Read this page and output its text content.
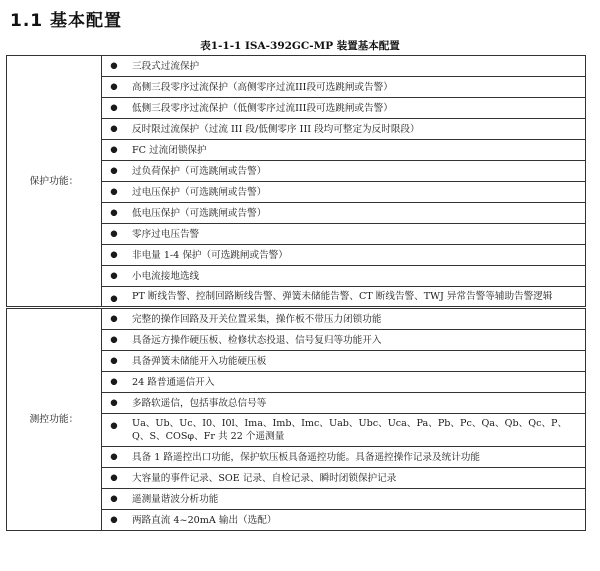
1.1 基本配置
表1-1-1 ISA-392GC-MP 装置基本配置
保护功能：	●	三段式过流保护
	●	高侧三段零序过流保护（高侧零序过流III段可选跳闸或告警）
	●	低侧三段零序过流保护（低侧零序过流III段可选跳闸或告警）
	●	反时限过流保护（过流 III 段/低侧零序 III 段均可整定为反时限段）
	●	FC 过流闭锁保护
	●	过负荷保护（可选跳闸或告警）
	●	过电压保护（可选跳闸或告警）
	●	低电压保护（可选跳闸或告警）
	●	零序过电压告警
	●	非电量 1-4 保护（可选跳闸或告警）
	●	小电流接地选线
	●	PT 断线告警、控制回路断线告警、弹簧未储能告警、CT 断线告警、TWJ 异常告警等辅助告警逻辑
测控功能：	●	完整的操作回路及开关位置采集，操作板不带压力闭锁功能
	●	具备远方操作硬压板、检修状态投退、信号复归等功能开入
	●	具备弹簧未储能开入功能硬压板
	●	24 路普通遥信开入
	●	多路软遥信，包括事故总信号等
	●	Ua、Ub、Uc、I0、I0l、Ima、Imb、Imc、Uab、Ubc、Uca、Pa、Pb、Pc、Qa、Qb、Qc、P、Q、S、COSφ、Fr 共 22 个遥测量
	●	具备 1 路遥控出口功能，保护软压板具备遥控功能。具备遥控操作记录及统计功能
	●	大容量的事件记录、SOE 记录、自检记录、瞬时闭锁保护记录
	●	遥测量谐波分析功能
	●	两路直流 4~20mA 输出（选配）
